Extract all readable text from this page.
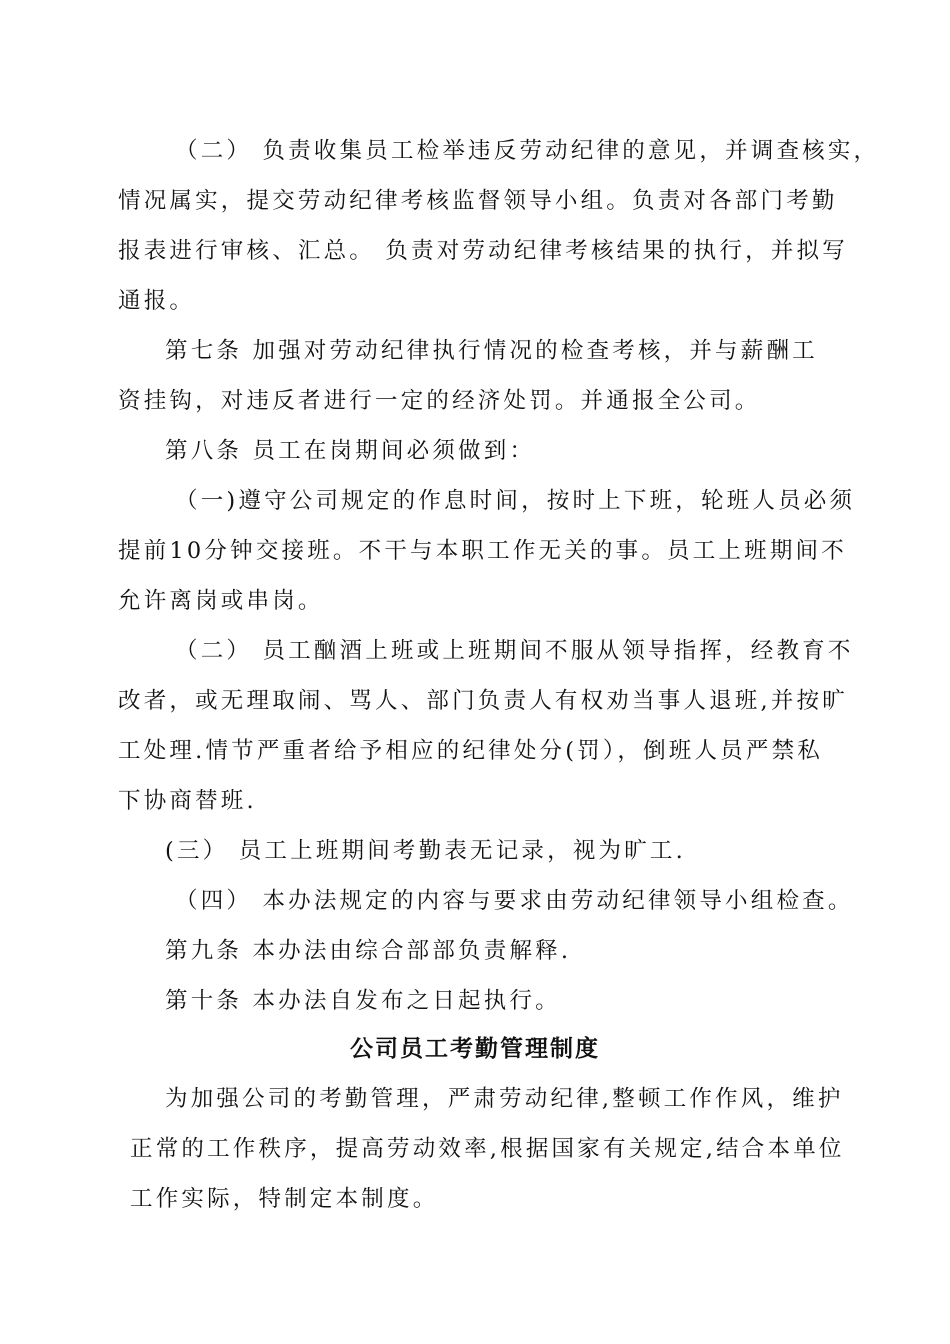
（二） 负责收集员工检举违反劳动纪律的意见，并调查核实，
情况属实，提交劳动纪律考核监督领导小组。负责对各部门考勤
报表进行审核、汇总。 负责对劳动纪律考核结果的执行，并拟写
通报。
第七条 加强对劳动纪律执行情况的检查考核，并与薪酬工
资挂钩，对违反者进行一定的经济处罚。并通报全公司。
第八条 员工在岗期间必须做到：
（一)遵守公司规定的作息时间，按时上下班，轮班人员必须
提前10分钟交接班。不干与本职工作无关的事。员工上班期间不
允许离岗或串岗。
（二） 员工酗酒上班或上班期间不服从领导指挥，经教育不
改者，或无理取闹、骂人、部门负责人有权劝当事人退班,并按旷
工处理.情节严重者给予相应的纪律处分(罚），倒班人员严禁私
下协商替班.
(三） 员工上班期间考勤表无记录，视为旷工.
（四） 本办法规定的内容与要求由劳动纪律领导小组检查。
第九条 本办法由综合部部负责解释.
第十条 本办法自发布之日起执行。
公司员工考勤管理制度
为加强公司的考勤管理，严肃劳动纪律,整顿工作作风，维护
正常的工作秩序，提高劳动效率,根据国家有关规定,结合本单位
工作实际，特制定本制度。
